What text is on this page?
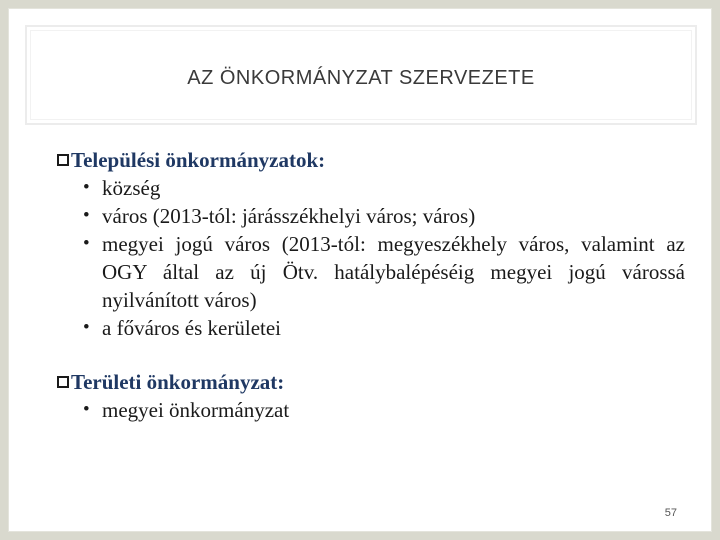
AZ ÖNKORMÁNYZAT SZERVEZETE
Települési önkormányzatok:
• község
• város (2013-tól: járásszékhelyi város; város)
• megyei jogú város (2013-tól: megyeszékhely város, valamint az OGY által az új Ötv. hatálybalépéséig megyei jogú várossá nyilvánított város)
• a főváros és kerületei
Területi önkormányzat:
• megyei önkormányzat
57
